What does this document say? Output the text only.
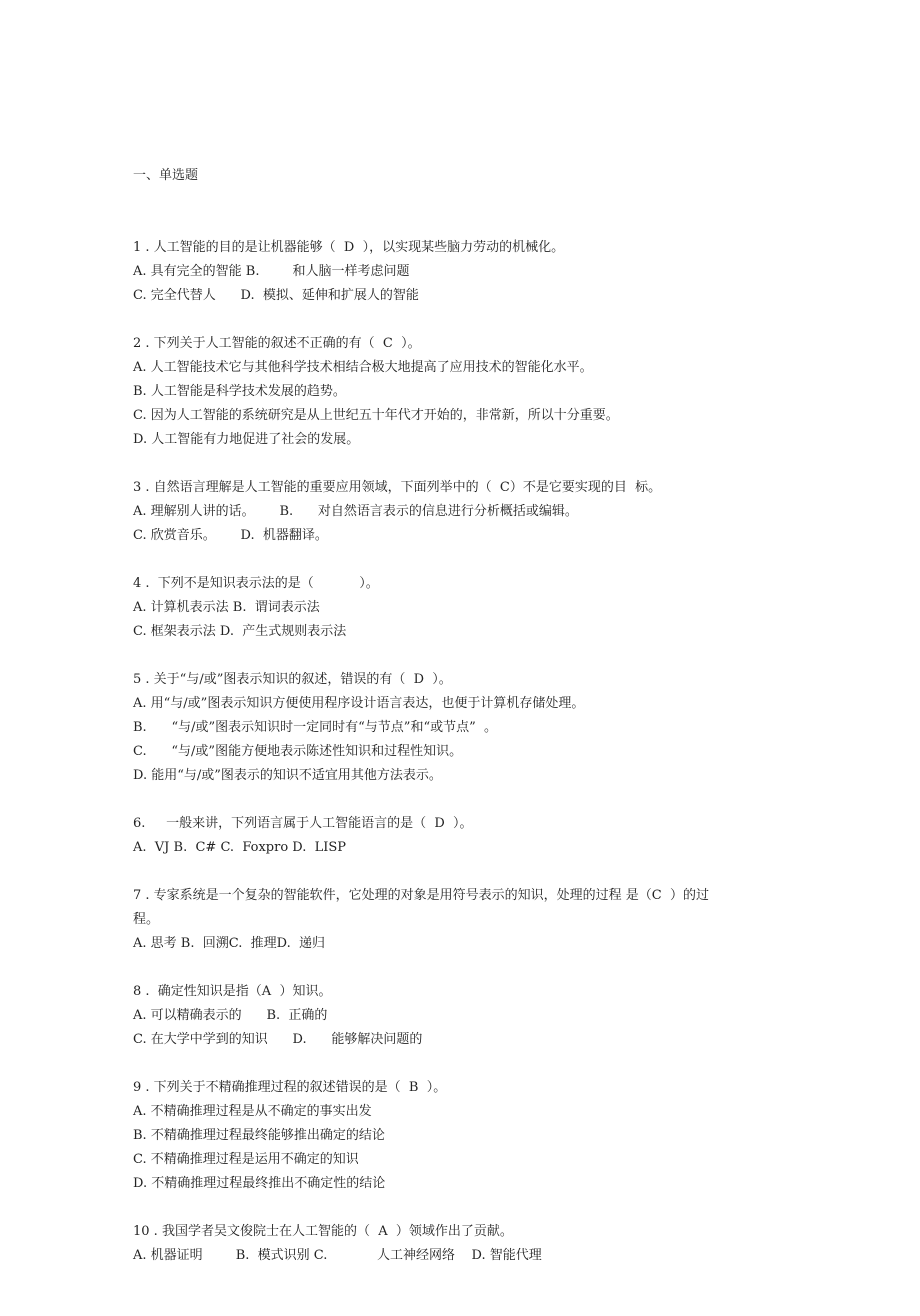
一、单选题

1 . 人工智能的目的是让机器能够（  D  ），以实现某些脑力劳动的机械化。
A. 具有完全的智能 B.        和人脑一样考虑问题
C. 完全代替人      D.  模拟、延伸和扩展人的智能
2 . 下列关于人工智能的叙述不正确的有（  C  ）。
A. 人工智能技术它与其他科学技术相结合极大地提高了应用技术的智能化水平。
B. 人工智能是科学技术发展的趋势。
C. 因为人工智能的系统研究是从上世纪五十年代才开始的，非常新，所以十分重要。
D. 人工智能有力地促进了社会的发展。
3 . 自然语言理解是人工智能的重要应用领域，下面列举中的（  C）不是它要实现的目  标。
A. 理解别人讲的话。      B.      对自然语言表示的信息进行分析概括或编辑。
C. 欣赏音乐。      D.  机器翻译。
4 .  下列不是知识表示法的是（           ）。
A. 计算机表示法 B.  谓词表示法
C. 框架表示法 D.  产生式规则表示法
5 . 关于“与/或”图表示知识的叙述，错误的有（  D  ）。
A. 用“与/或”图表示知识方便使用程序设计语言表达，也便于计算机存储处理。
B.      “与/或”图表示知识时一定同时有“与节点”和“或节点”  。
C.      “与/或”图能方便地表示陈述性知识和过程性知识。
D. 能用“与/或”图表示的知识不适宜用其他方法表示。
6.     一般来讲，下列语言属于人工智能语言的是（  D  ）。
A.  VJ B.  C# C.  Foxpro D.  LISP
7 . 专家系统是一个复杂的智能软件，它处理的对象是用符号表示的知识，处理的过程 是（C  ）的过
程。
A. 思考 B.  回溯C.  推理D.  递归
8 .  确定性知识是指（A  ）知识。
A. 可以精确表示的      B.  正确的
C. 在大学中学到的知识      D.      能够解决问题的
9 . 下列关于不精确推理过程的叙述错误的是（  B  ）。
A. 不精确推理过程是从不确定的事实出发
B. 不精确推理过程最终能够推出确定的结论
C. 不精确推理过程是运用不确定的知识
D. 不精确推理过程最终推出不确定性的结论
10 . 我国学者吴文俊院士在人工智能的（  A  ）领域作出了贡献。
A. 机器证明        B.  模式识别 C.            人工神经网络    D. 智能代理
